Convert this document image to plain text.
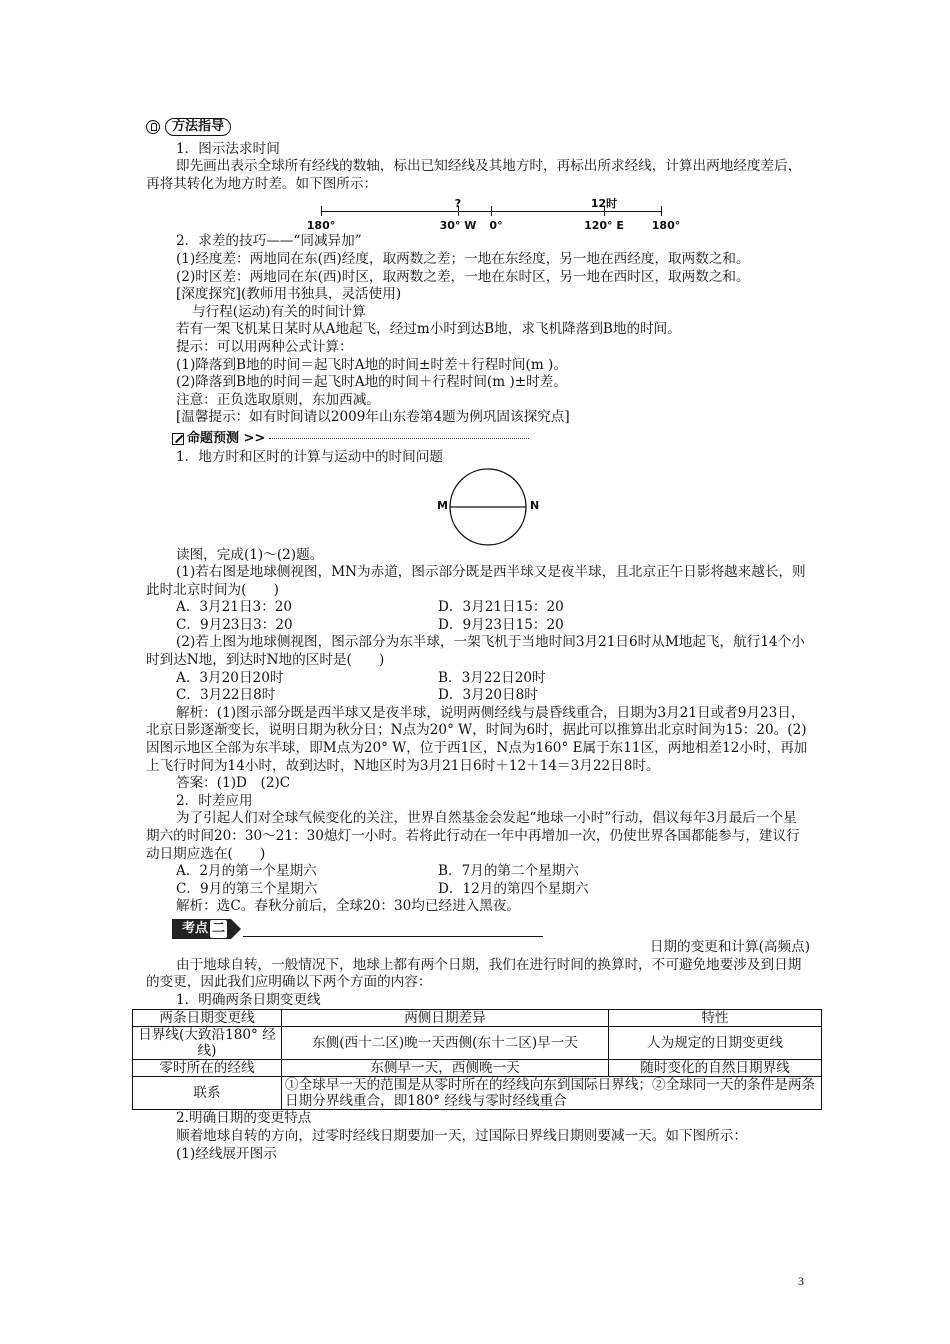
方法指导

1．图示法求时间

即先画出表示全球所有经线的数轴，标出已知经线及其地方时，再标出所求经线，计算出两地经度差后，再将其转化为地方时差。如下图所示：

?	12时
180°	30° W 0°	120° E	180°

2．求差的技巧——“同减异加”

(1)经度差：两地同在东(西)经度，取两数之差；一地在东经度，另一地在西经度，取两数之和。

(2)时区差：两地同在东(西)时区，取两数之差，一地在东时区，另一地在西时区，取两数之和。

[深度探究](教师用书独具，灵活使用)

与行程(运动)有关的时间计算

若有一架飞机某日某时从A地起飞，经过m小时到达B地，求飞机降落到B地的时间。

提示：可以用两种公式计算：

(1)降落到B地的时间＝起飞时A地的时间±时差＋行程时间(m )。

(2)降落到B地的时间＝起飞时A地的时间＋行程时间(m )±时差。

注意：正负选取原则，东加西减。

[温馨提示：如有时间请以2009年山东卷第4题为例巩固该探究点]

命题预测 >>

1．地方时和区时的计算与运动中的时间问题

M	N

读图，完成(1)～(2)题。

(1)若右图是地球侧视图，MN为赤道，图示部分既是西半球又是夜半球，且北京正午日影将越来越长，则此时北京时间为(　　)

A．3月21日3：20	D．3月21日15：20
C．9月23日3：20	D．9月23日15：20

(2)若上图为地球侧视图，图示部分为东半球，一架飞机于当地时间3月21日6时从M地起飞，航行14个小时到达N地，到达时N地的区时是(　　)

A．3月20日20时	B．3月22日20时
C．3月22日8时	D．3月20日8时

解析：(1)图示部分既是西半球又是夜半球，说明两侧经线与晨昏线重合，日期为3月21日或者9月23日，北京日影逐渐变长，说明日期为秋分日；N点为20° W，时间为6时，据此可以推算出北京时间为15：20。(2)因图示地区全部为东半球，即M点为20° W，位于西1区，N点为160° E属于东11区，两地相差12小时，再加上飞行时间为14小时，故到达时，N地区时为3月21日6时＋12＋14＝3月22日8时。

答案：(1)D　(2)C

2．时差应用

为了引起人们对全球气候变化的关注，世界自然基金会发起“地球一小时”行动，倡议每年3月最后一个星期六的时间20：30～21：30熄灯一小时。若将此行动在一年中再增加一次，仍使世界各国都能参与，建议行动日期应选在(　　)

A．2月的第一个星期六	B．7月的第二个星期六
C．9月的第三个星期六	D．12月的第四个星期六

解析：选C。春秋分前后，全球20：30均已经进入黑夜。

考点 二

日期的变更和计算(高频点)

由于地球自转，一般情况下，地球上都有两个日期，我们在进行时间的换算时，不可避免地要涉及到日期的变更，因此我们应明确以下两个方面的内容：

1．明确两条日期变更线

两条日期变更线	两侧日期差异	特性
日界线(大致沿180° 经线)	东侧(西十二区)晚一天西侧(东十二区)早一天	人为规定的日期变更线
零时所在的经线	东侧早一天，西侧晚一天	随时变化的自然日期界线
联系	①全球早一天的范围是从零时所在的经线向东到国际日界线；②全球同一天的条件是两条日期分界线重合，即180° 经线与零时经线重合	

2.明确日期的变更特点

顺着地球自转的方向，过零时经线日期要加一天，过国际日界线日期则要减一天。如下图所示：

(1)经线展开图示

3
